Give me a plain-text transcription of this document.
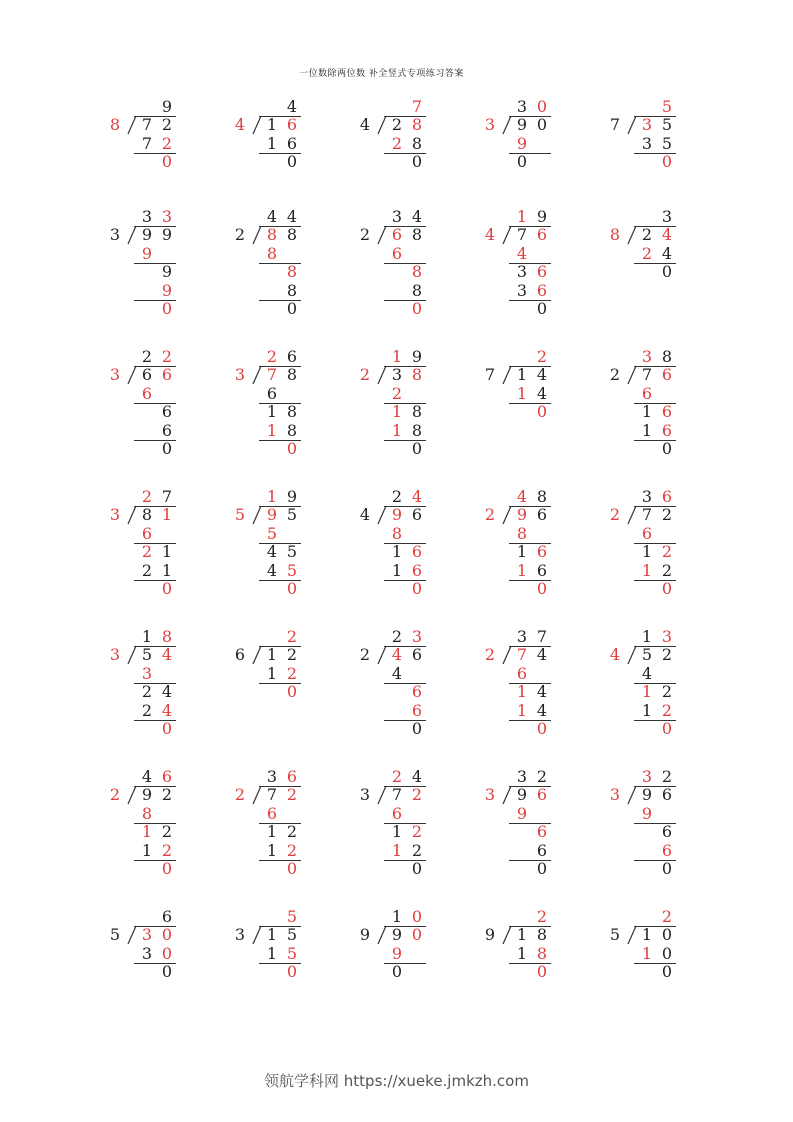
一位数除两位数 补全竖式专项练习答案
8
9
7 2
7 2
0
4
4
1 6
1 6
0
4
7
2 8
2 8
0
3
3 0
9 0
9
0
7
5
3 5
3 5
0
3
3 3
9 9
9
9
9
0
2
4 4
8 8
8
8
8
0
2
3 4
6 8
6
8
8
0
4
1 9
7 6
4
3 6
3 6
0
8
3
2 4
2 4
0
3
2 2
6 6
6
6
6
0
3
2 6
7 8
6
1 8
1 8
0
2
1 9
3 8
2
1 8
1 8
0
7
2
1 4
1 4
0
2
3 8
7 6
6
1 6
1 6
0
3
2 7
8 1
6
2 1
2 1
0
5
1 9
9 5
5
4 5
4 5
0
4
2 4
9 6
8
1 6
1 6
0
2
4 8
9 6
8
1 6
1 6
0
2
3 6
7 2
6
1 2
1 2
0
3
1 8
5 4
3
2 4
2 4
0
6
2
1 2
1 2
0
2
2 3
4 6
4
6
6
0
2
3 7
7 4
6
1 4
1 4
0
4
1 3
5 2
4
1 2
1 2
0
2
4 6
9 2
8
1 2
1 2
0
2
3 6
7 2
6
1 2
1 2
0
3
2 4
7 2
6
1 2
1 2
0
3
3 2
9 6
9
6
6
0
3
3 2
9 6
9
6
6
0
5
6
3 0
3 0
0
3
5
1 5
1 5
0
9
1 0
9 0
9
0
9
2
1 8
1 8
0
5
2
1 0
1 0
0
领航学科网 https://xueke.jmkzh.com
